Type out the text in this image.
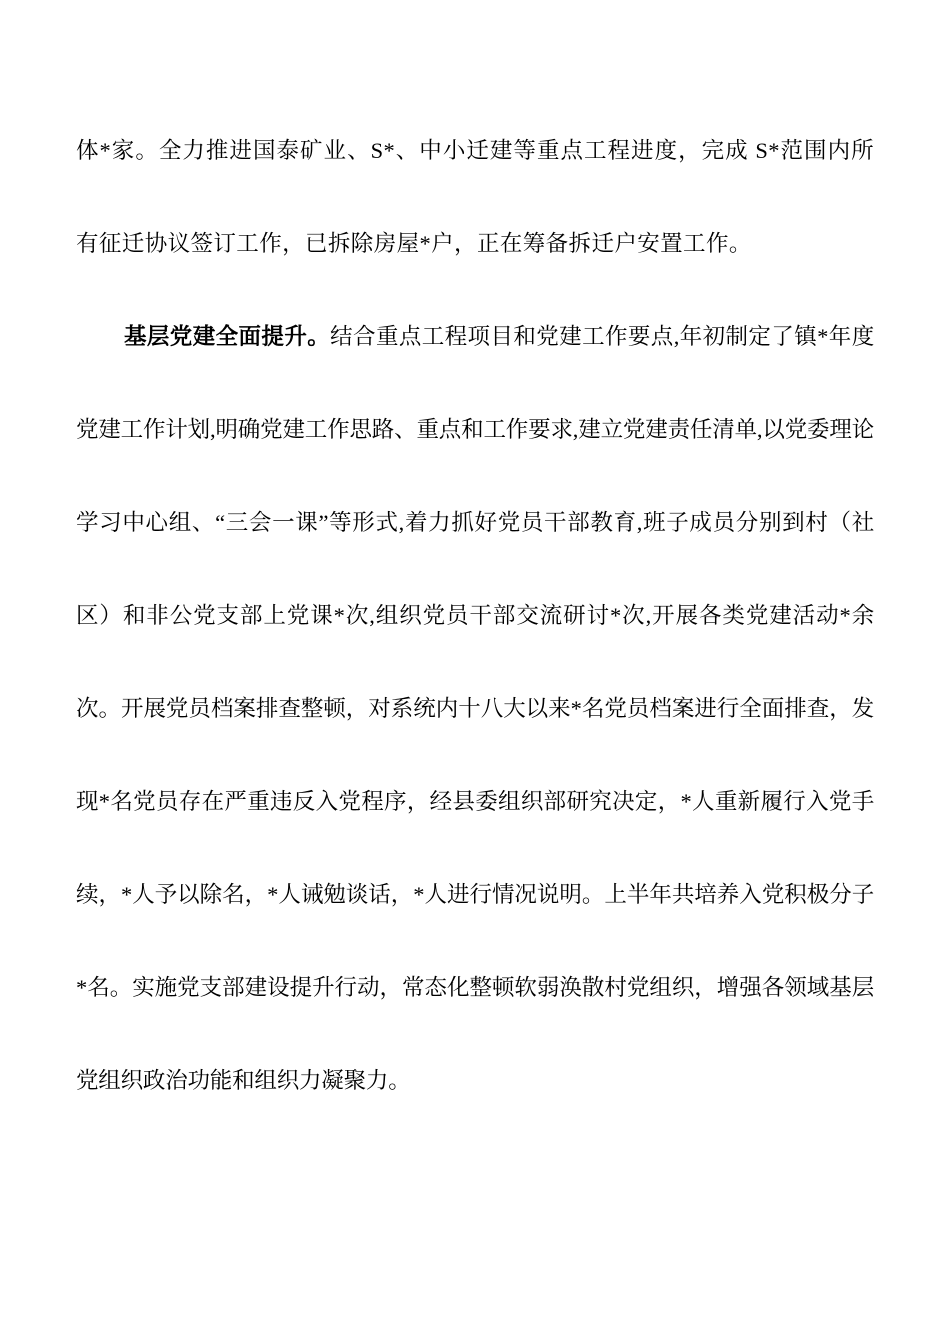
体*家。全力推进国泰矿业、S*、中小迁建等重点工程进度，完成 S*范围内所有征迁协议签订工作，已拆除房屋*户，正在筹备拆迁户安置工作。

基层党建全面提升。结合重点工程项目和党建工作要点,年初制定了镇*年度党建工作计划,明确党建工作思路、重点和工作要求,建立党建责任清单,以党委理论学习中心组、“三会一课”等形式,着力抓好党员干部教育,班子成员分别到村（社区）和非公党支部上党课*次,组织党员干部交流研讨*次,开展各类党建活动*余次。开展党员档案排查整顿，对系统内十八大以来*名党员档案进行全面排查，发现*名党员存在严重违反入党程序，经县委组织部研究决定，*人重新履行入党手续，*人予以除名，*人诫勉谈话，*人进行情况说明。上半年共培养入党积极分子*名。实施党支部建设提升行动，常态化整顿软弱涣散村党组织，增强各领域基层党组织政治功能和组织力凝聚力。
